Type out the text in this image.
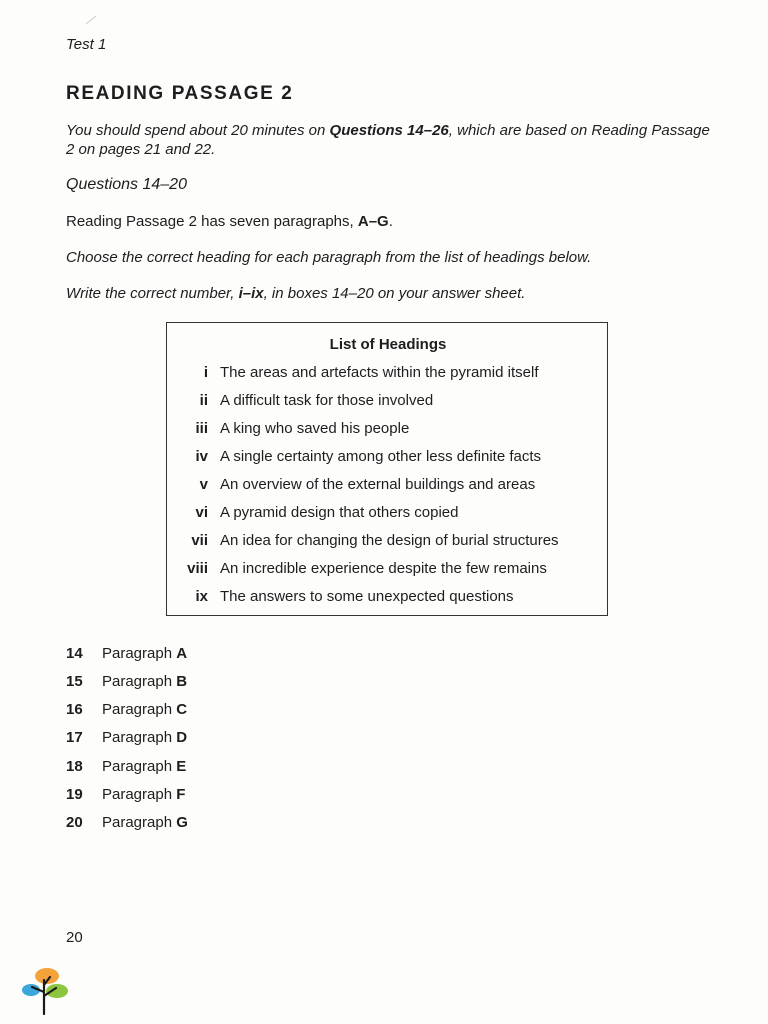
Test 1
READING PASSAGE 2
You should spend about 20 minutes on Questions 14–26, which are based on Reading Passage 2 on pages 21 and 22.
Questions 14–20
Reading Passage 2 has seven paragraphs, A–G.
Choose the correct heading for each paragraph from the list of headings below.
Write the correct number, i–ix, in boxes 14–20 on your answer sheet.
List of Headings
i The areas and artefacts within the pyramid itself
ii A difficult task for those involved
iii A king who saved his people
iv A single certainty among other less definite facts
v An overview of the external buildings and areas
vi A pyramid design that others copied
vii An idea for changing the design of burial structures
viii An incredible experience despite the few remains
ix The answers to some unexpected questions
14 Paragraph A
15 Paragraph B
16 Paragraph C
17 Paragraph D
18 Paragraph E
19 Paragraph F
20 Paragraph G
20
